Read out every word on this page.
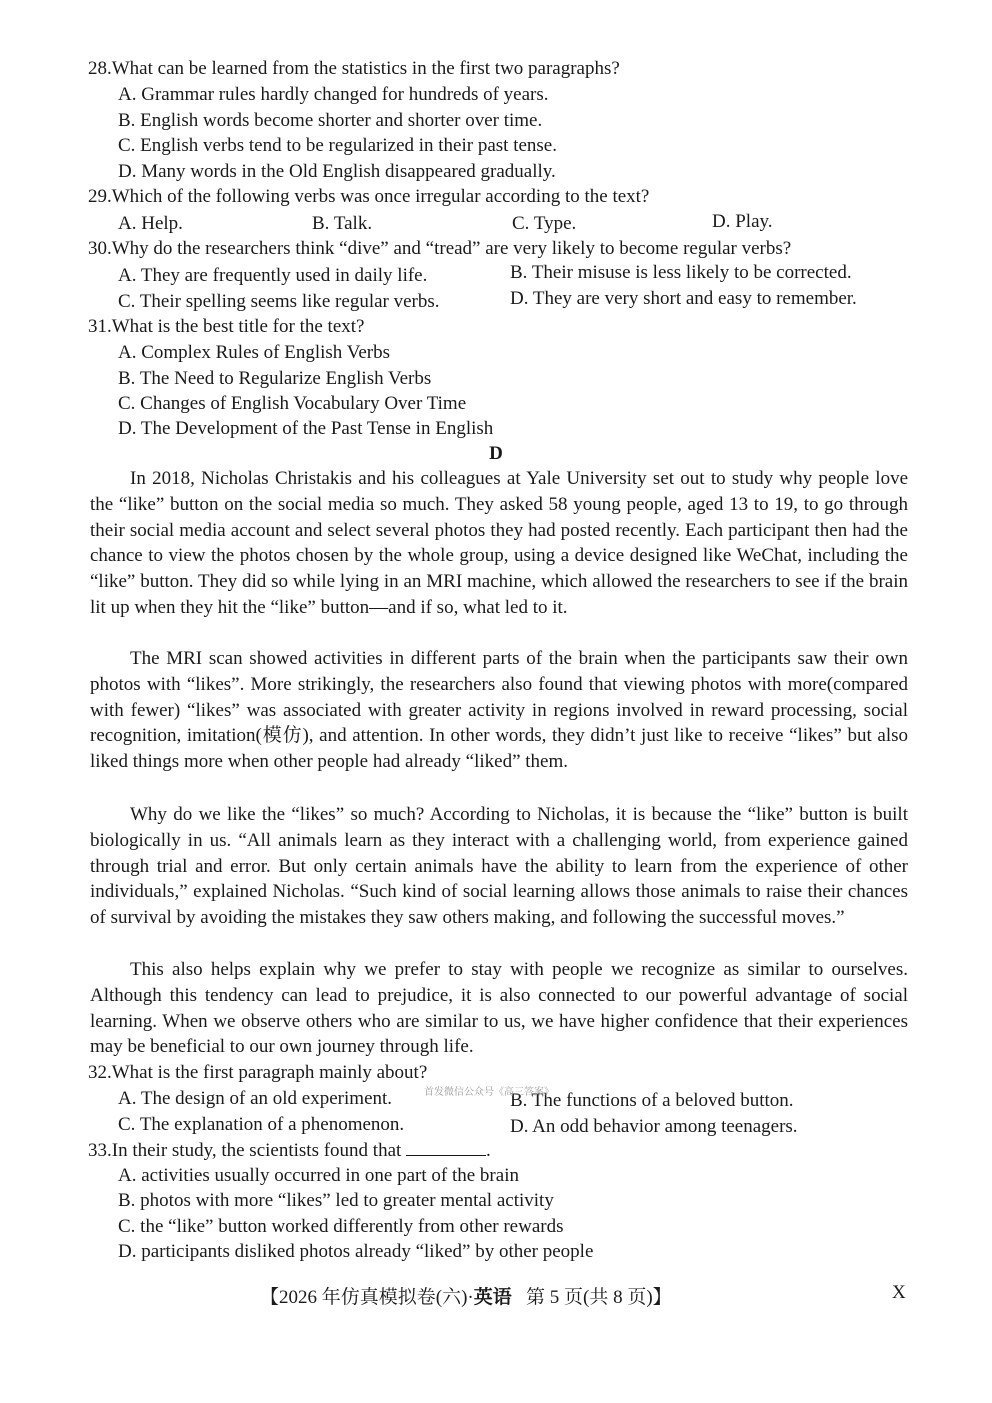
28.What can be learned from the statistics in the first two paragraphs?
A. Grammar rules hardly changed for hundreds of years.
B. English words become shorter and shorter over time.
C. English verbs tend to be regularized in their past tense.
D. Many words in the Old English disappeared gradually.
29.Which of the following verbs was once irregular according to the text?
A. Help.	B. Talk.	C. Type.	D. Play.
30.Why do the researchers think “dive” and “tread” are very likely to become regular verbs?
A. They are frequently used in daily life.	B. Their misuse is less likely to be corrected.
C. Their spelling seems like regular verbs.	D. They are very short and easy to remember.
31.What is the best title for the text?
A. Complex Rules of English Verbs
B. The Need to Regularize English Verbs
C. Changes of English Vocabulary Over Time
D. The Development of the Past Tense in English
D
In 2018, Nicholas Christakis and his colleagues at Yale University set out to study why people love the “like” button on the social media so much. They asked 58 young people, aged 13 to 19, to go through their social media account and select several photos they had posted recently. Each participant then had the chance to view the photos chosen by the whole group, using a device designed like WeChat, including the “like” button. They did so while lying in an MRI machine, which allowed the researchers to see if the brain lit up when they hit the “like” button—and if so, what led to it.
The MRI scan showed activities in different parts of the brain when the participants saw their own photos with “likes”. More strikingly, the researchers also found that viewing photos with more(compared with fewer) “likes” was associated with greater activity in regions involved in reward processing, social recognition, imitation(模仿), and attention. In other words, they didn’t just like to receive “likes” but also liked things more when other people had already “liked” them.
Why do we like the “likes” so much? According to Nicholas, it is because the “like” button is built biologically in us. “All animals learn as they interact with a challenging world, from experience gained through trial and error. But only certain animals have the ability to learn from the experience of other individuals,” explained Nicholas. “Such kind of social learning allows those animals to raise their chances of survival by avoiding the mistakes they saw others making, and following the successful moves.”
This also helps explain why we prefer to stay with people we recognize as similar to ourselves. Although this tendency can lead to prejudice, it is also connected to our powerful advantage of social learning. When we observe others who are similar to us, we have higher confidence that their experiences may be beneficial to our own journey through life.
32.What is the first paragraph mainly about?
A. The design of an old experiment.	B. The functions of a beloved button.
C. The explanation of a phenomenon.	D. An odd behavior among teenagers.
首发微信公众号《高三答案》
33.In their study, the scientists found that	.
A. activities usually occurred in one part of the brain
B. photos with more “likes” led to greater mental activity
C. the “like” button worked differently from other rewards
D. participants disliked photos already “liked” by other people
【2026 年仿真模拟卷(六)·英语 第 5 页(共 8 页)】	X
